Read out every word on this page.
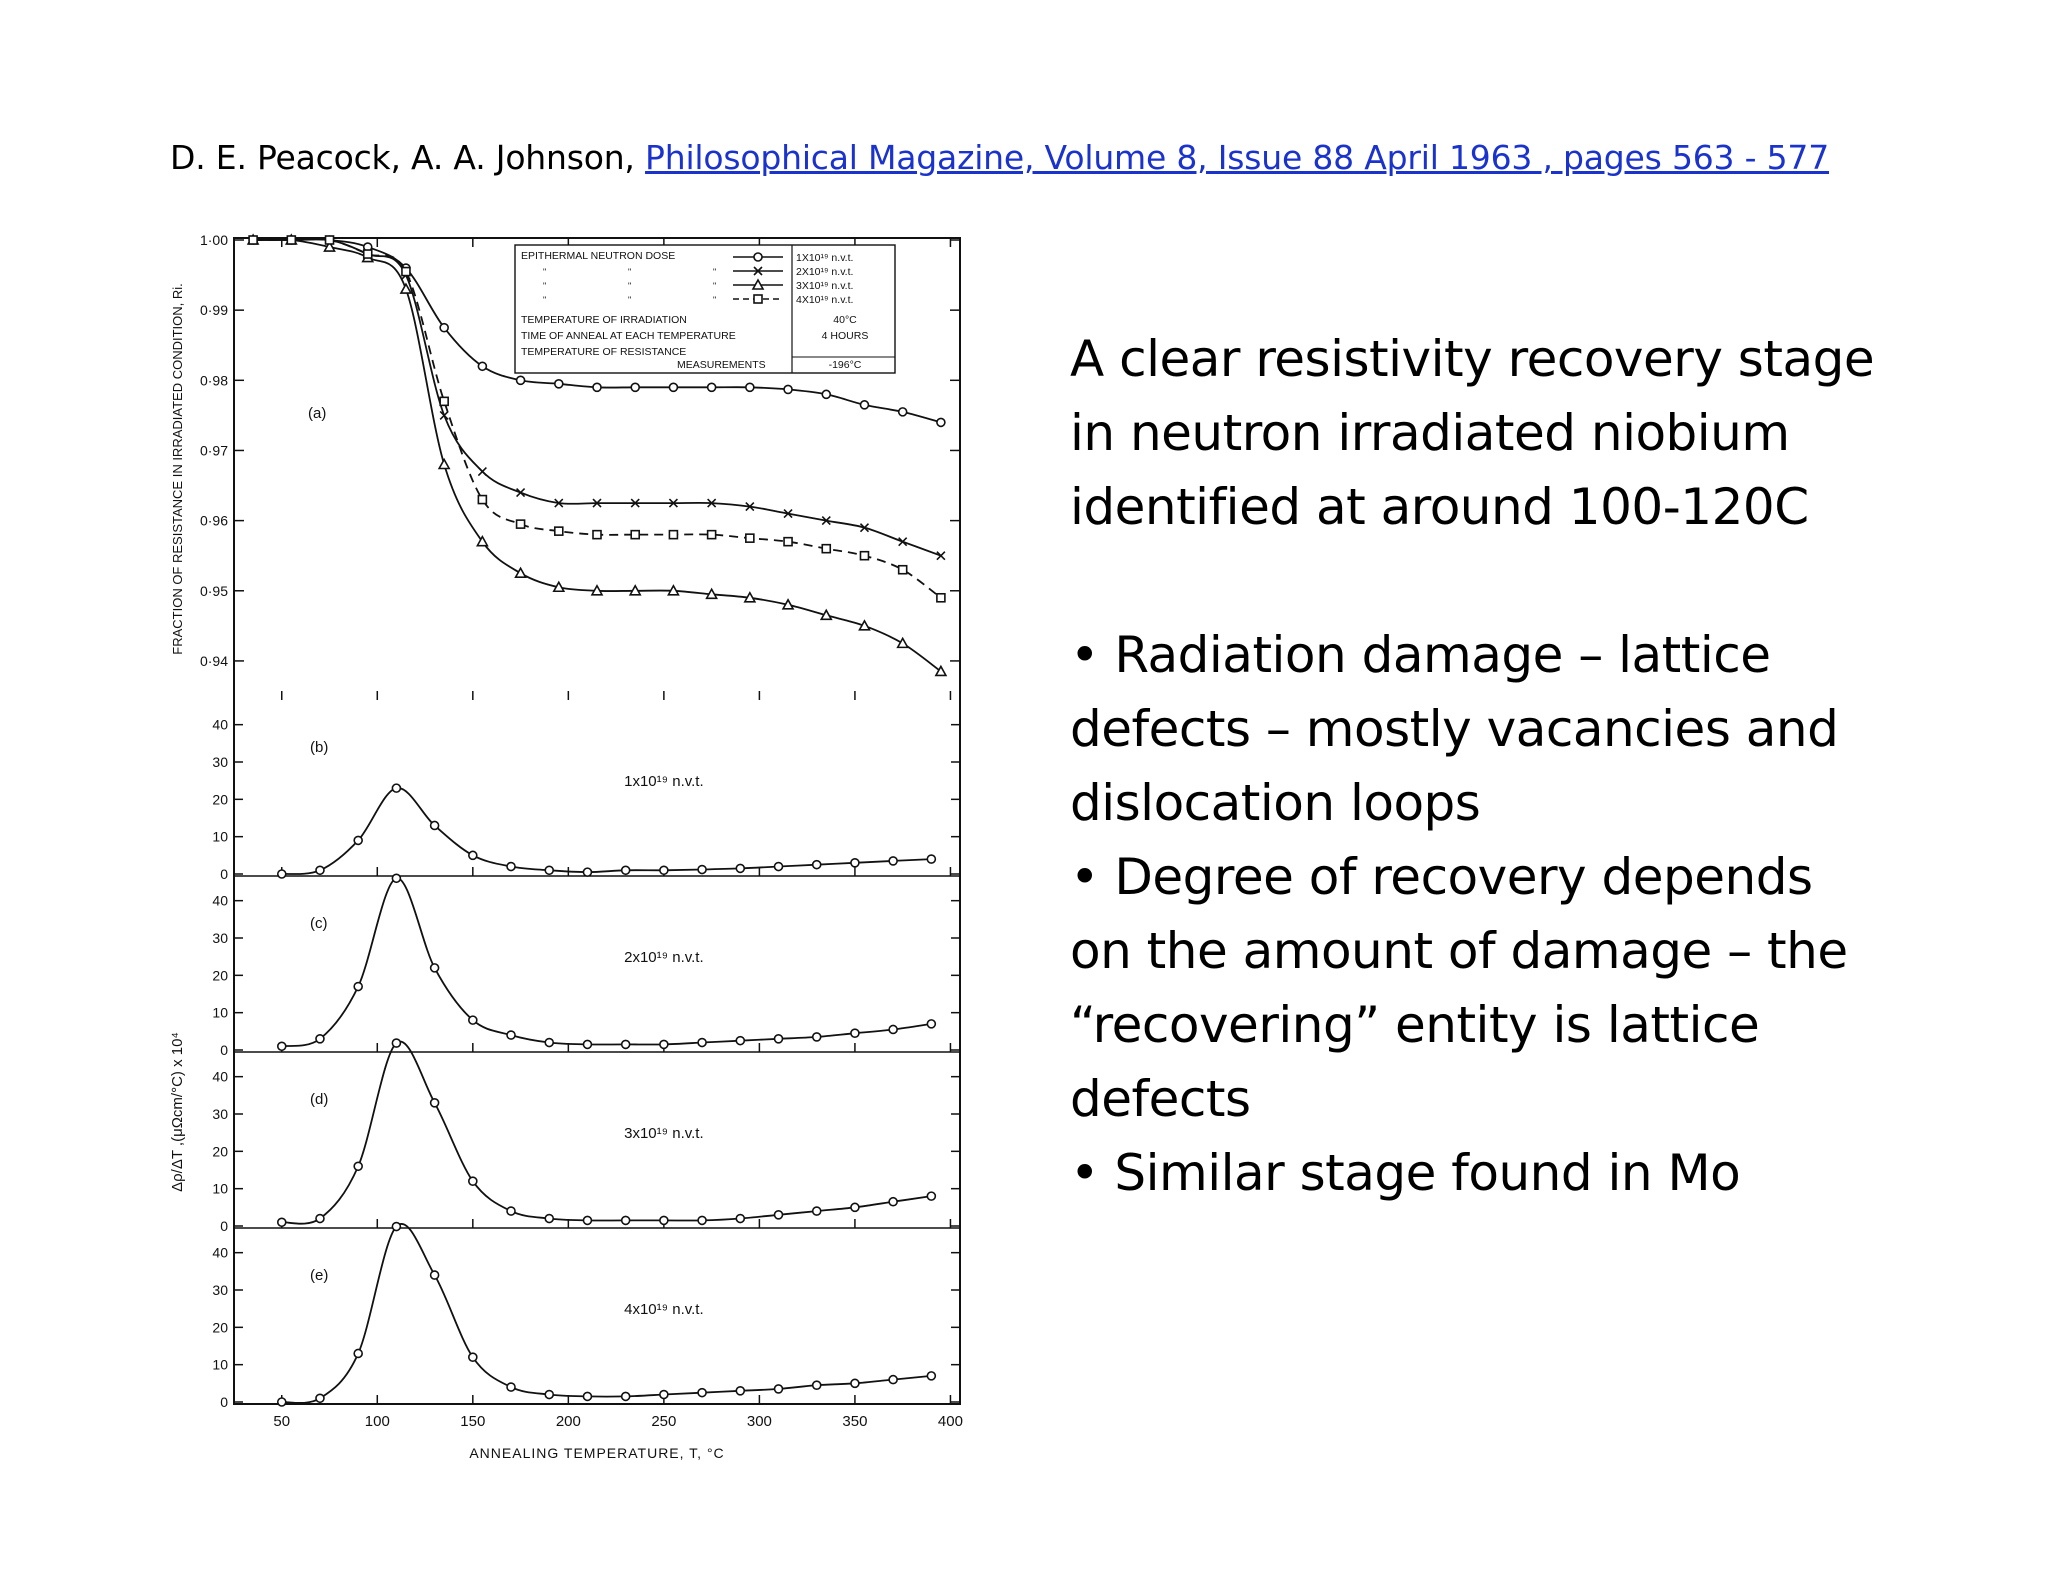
D. E. Peacock, A. A. Johnson, Philosophical Magazine, Volume 8, Issue 88 April 1963 , pages 563 - 577
1·00
0·99
0·98
0·97
0·96
0·95
0·94
(a)
FRACTION OF RESISTANCE IN IRRADIATED CONDITION, Ri.
40
30
20
10
0
(b)
1x10¹⁹ n.v.t.
40
30
20
10
0
(c)
2x10¹⁹ n.v.t.
40
30
20
10
0
(d)
3x10¹⁹ n.v.t.
Δρ/ΔT ,(μΩcm/°C) x 10⁴
40
30
20
10
0
(e)
4x10¹⁹ n.v.t.
50	100	150	200	250	300	350	400
ANNEALING TEMPERATURE, T, °C
EPITHERMAL NEUTRON DOSE	1X10¹⁹ n.v.t.
"	"	"	2X10¹⁹ n.v.t.
"	"	"	3X10¹⁹ n.v.t.
"	"	"	4X10¹⁹ n.v.t.
TEMPERATURE OF IRRADIATION	40°C
TIME OF ANNEAL AT EACH TEMPERATURE	4 HOURS
TEMPERATURE OF RESISTANCE
MEASUREMENTS	-196°C	A clear resistivity recovery stage

in neutron irradiated niobium

identified at around 100-120C

• Radiation damage – lattice

defects – mostly vacancies and

dislocation loops

• Degree of recovery depends

on the amount of damage – the

“recovering” entity is lattice

defects

• Similar stage found in Mo
